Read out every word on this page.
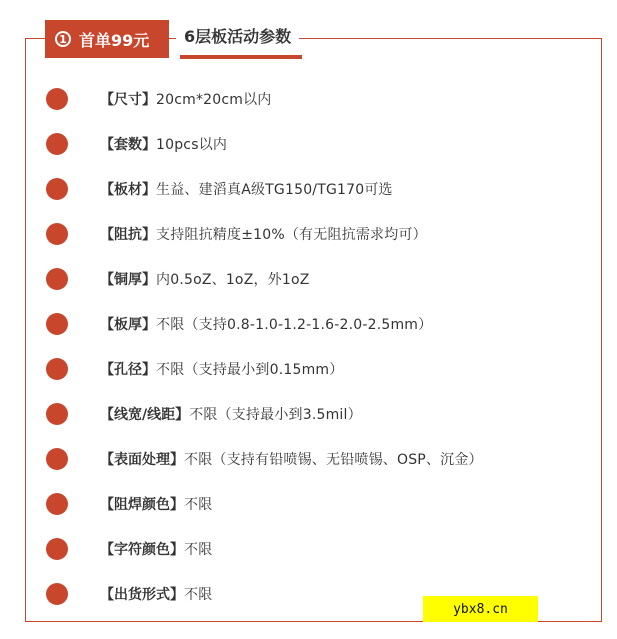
1 首单99元	6层板活动参数
【尺寸】 20cm*20cm以内
【套数】 10pcs以内
【板材】 生益、建滔真A级TG150/TG170可选
【阻抗】 支持阻抗精度±10%（有无阻抗需求均可）
【铜厚】 内0.5oZ、1oZ，外1oZ
【板厚】 不限（支持0.8-1.0-1.2-1.6-2.0-2.5mm）
【孔径】 不限（支持最小到0.15mm）
【线宽/线距】 不限（支持最小到3.5mil）
【表面处理】 不限（支持有铅喷锡、无铅喷锡、OSP、沉金）
【阻焊颜色】 不限
【字符颜色】 不限
【出货形式】 不限
ybx8.cn
